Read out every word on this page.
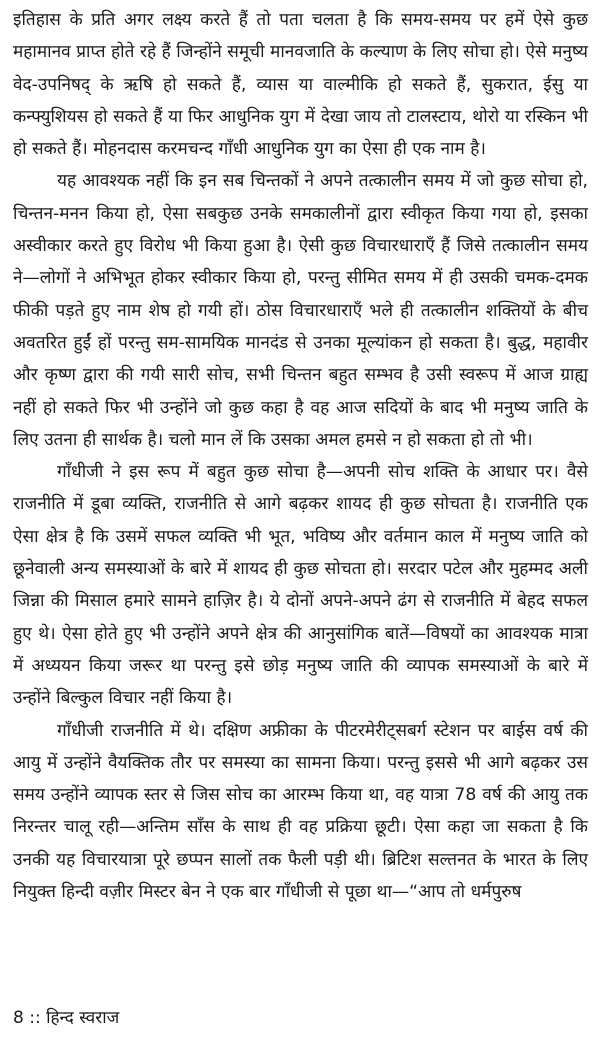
इतिहास के प्रति अगर लक्ष्य करते हैं तो पता चलता है कि समय-समय पर हमें ऐसे कुछ महामानव प्राप्त होते रहे हैं जिन्होंने समूची मानवजाति के कल्याण के लिए सोचा हो। ऐसे मनुष्य वेद-उपनिषद् के ऋषि हो सकते हैं, व्यास या वाल्मीकि हो सकते हैं, सुकरात, ईसु या कन्फ्युशियस हो सकते हैं या फिर आधुनिक युग में देखा जाय तो टालस्टाय, थोरो या रस्किन भी हो सकते हैं। मोहनदास करमचन्द गाँधी आधुनिक युग का ऐसा ही एक नाम है।

यह आवश्यक नहीं कि इन सब चिन्तकों ने अपने तत्कालीन समय में जो कुछ सोचा हो, चिन्तन-मनन किया हो, ऐसा सबकुछ उनके समकालीनों द्वारा स्वीकृत किया गया हो, इसका अस्वीकार करते हुए विरोध भी किया हुआ है। ऐसी कुछ विचारधाराएँ हैं जिसे तत्कालीन समय ने—लोगों ने अभिभूत होकर स्वीकार किया हो, परन्तु सीमित समय में ही उसकी चमक-दमक फीकी पड़ते हुए नाम शेष हो गयी हों। ठोस विचारधाराएँ भले ही तत्कालीन शक्तियों के बीच अवतरित हुईं हों परन्तु सम-सामयिक मानदंड से उनका मूल्यांकन हो सकता है। बुद्ध, महावीर और कृष्ण द्वारा की गयी सारी सोच, सभी चिन्तन बहुत सम्भव है उसी स्वरूप में आज ग्राह्य नहीं हो सकते फिर भी उन्होंने जो कुछ कहा है वह आज सदियों के बाद भी मनुष्य जाति के लिए उतना ही सार्थक है। चलो मान लें कि उसका अमल हमसे न हो सकता हो तो भी।

गाँधीजी ने इस रूप में बहुत कुछ सोचा है—अपनी सोच शक्ति के आधार पर। वैसे राजनीति में डूबा व्यक्ति, राजनीति से आगे बढ़कर शायद ही कुछ सोचता है। राजनीति एक ऐसा क्षेत्र है कि उसमें सफल व्यक्ति भी भूत, भविष्य और वर्तमान काल में मनुष्य जाति को छूनेवाली अन्य समस्याओं के बारे में शायद ही कुछ सोचता हो। सरदार पटेल और मुहम्मद अली जिन्ना की मिसाल हमारे सामने हाज़िर है। ये दोनों अपने-अपने ढंग से राजनीति में बेहद सफल हुए थे। ऐसा होते हुए भी उन्होंने अपने क्षेत्र की आनुसांगिक बातें—विषयों का आवश्यक मात्रा में अध्ययन किया जरूर था परन्तु इसे छोड़ मनुष्य जाति की व्यापक समस्याओं के बारे में उन्होंने बिल्कुल विचार नहीं किया है।

गाँधीजी राजनीति में थे। दक्षिण अफ्रीका के पीटरमेरीट्सबर्ग स्टेशन पर बाईस वर्ष की आयु में उन्होंने वैयक्तिक तौर पर समस्या का सामना किया। परन्तु इससे भी आगे बढ़कर उस समय उन्होंने व्यापक स्तर से जिस सोच का आरम्भ किया था, वह यात्रा 78 वर्ष की आयु तक निरन्तर चालू रही—अन्तिम साँस के साथ ही वह प्रक्रिया छूटी। ऐसा कहा जा सकता है कि उनकी यह विचारयात्रा पूरे छप्पन सालों तक फैली पड़ी थी। ब्रिटिश सल्तनत के भारत के लिए नियुक्त हिन्दी वज़ीर मिस्टर बेन ने एक बार गाँधीजी से पूछा था—“आप तो धर्मपुरुष

8 :: हिन्द स्वराज
